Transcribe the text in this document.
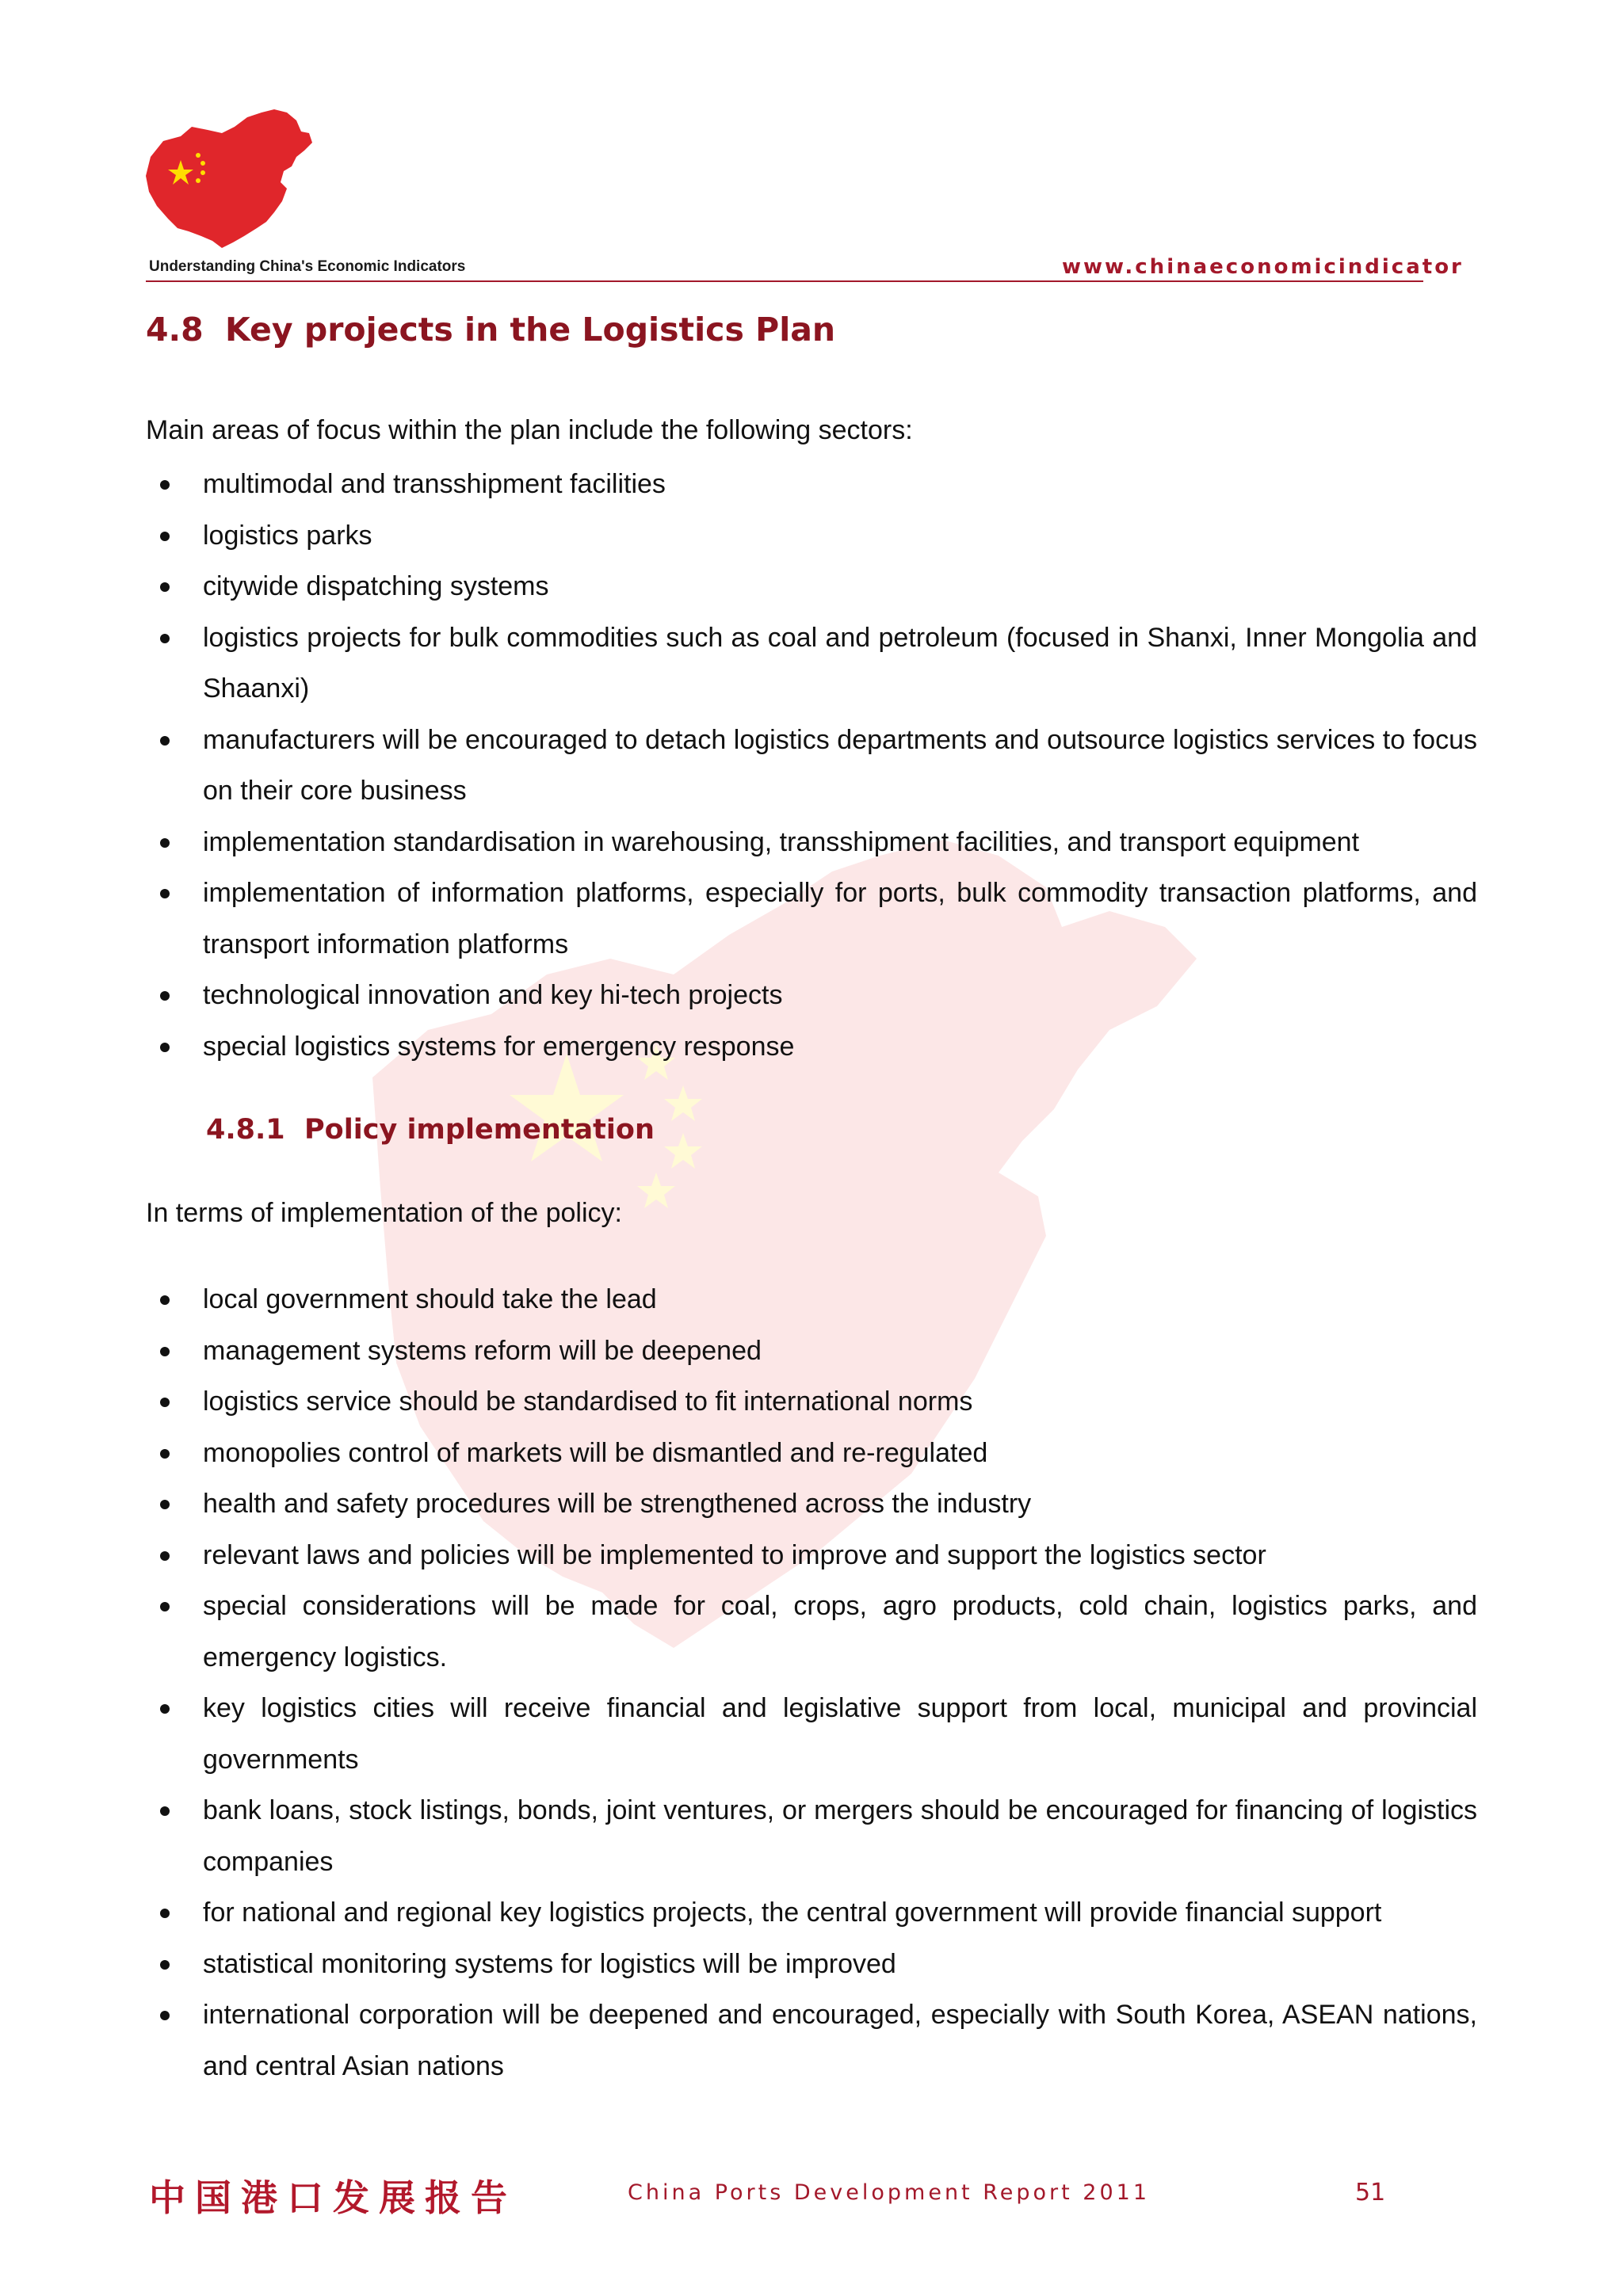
Understanding China's Economic Indicators	www.chinaeconomicindicator
4.8 Key projects in the Logistics Plan

Main areas of focus within the plan include the following sectors:

multimodal and transshipment facilities
logistics parks
citywide dispatching systems
logistics projects for bulk commodities such as coal and petroleum (focused in Shanxi, Inner Mongolia and Shaanxi)
manufacturers will be encouraged to detach logistics departments and outsource logistics services to focus on their core business
implementation standardisation in warehousing, transshipment facilities, and transport equipment
implementation of information platforms, especially for ports, bulk commodity transaction platforms, and transport information platforms
technological innovation and key hi-tech projects
special logistics systems for emergency response
4.8.1 Policy implementation

In terms of implementation of the policy:

local government should take the lead
management systems reform will be deepened
logistics service should be standardised to fit international norms
monopolies control of markets will be dismantled and re-regulated
health and safety procedures will be strengthened across the industry
relevant laws and policies will be implemented to improve and support the logistics sector
special considerations will be made for coal, crops, agro products, cold chain, logistics parks, and emergency logistics.
key logistics cities will receive financial and legislative support from local, municipal and provincial governments
bank loans, stock listings, bonds, joint ventures, or mergers should be encouraged for financing of logistics companies
for national and regional key logistics projects, the central government will provide financial support
statistical monitoring systems for logistics will be improved
international corporation will be deepened and encouraged, especially with South Korea, ASEAN nations, and central Asian nations
中国港口发展报告	China Ports Development Report 2011	51
